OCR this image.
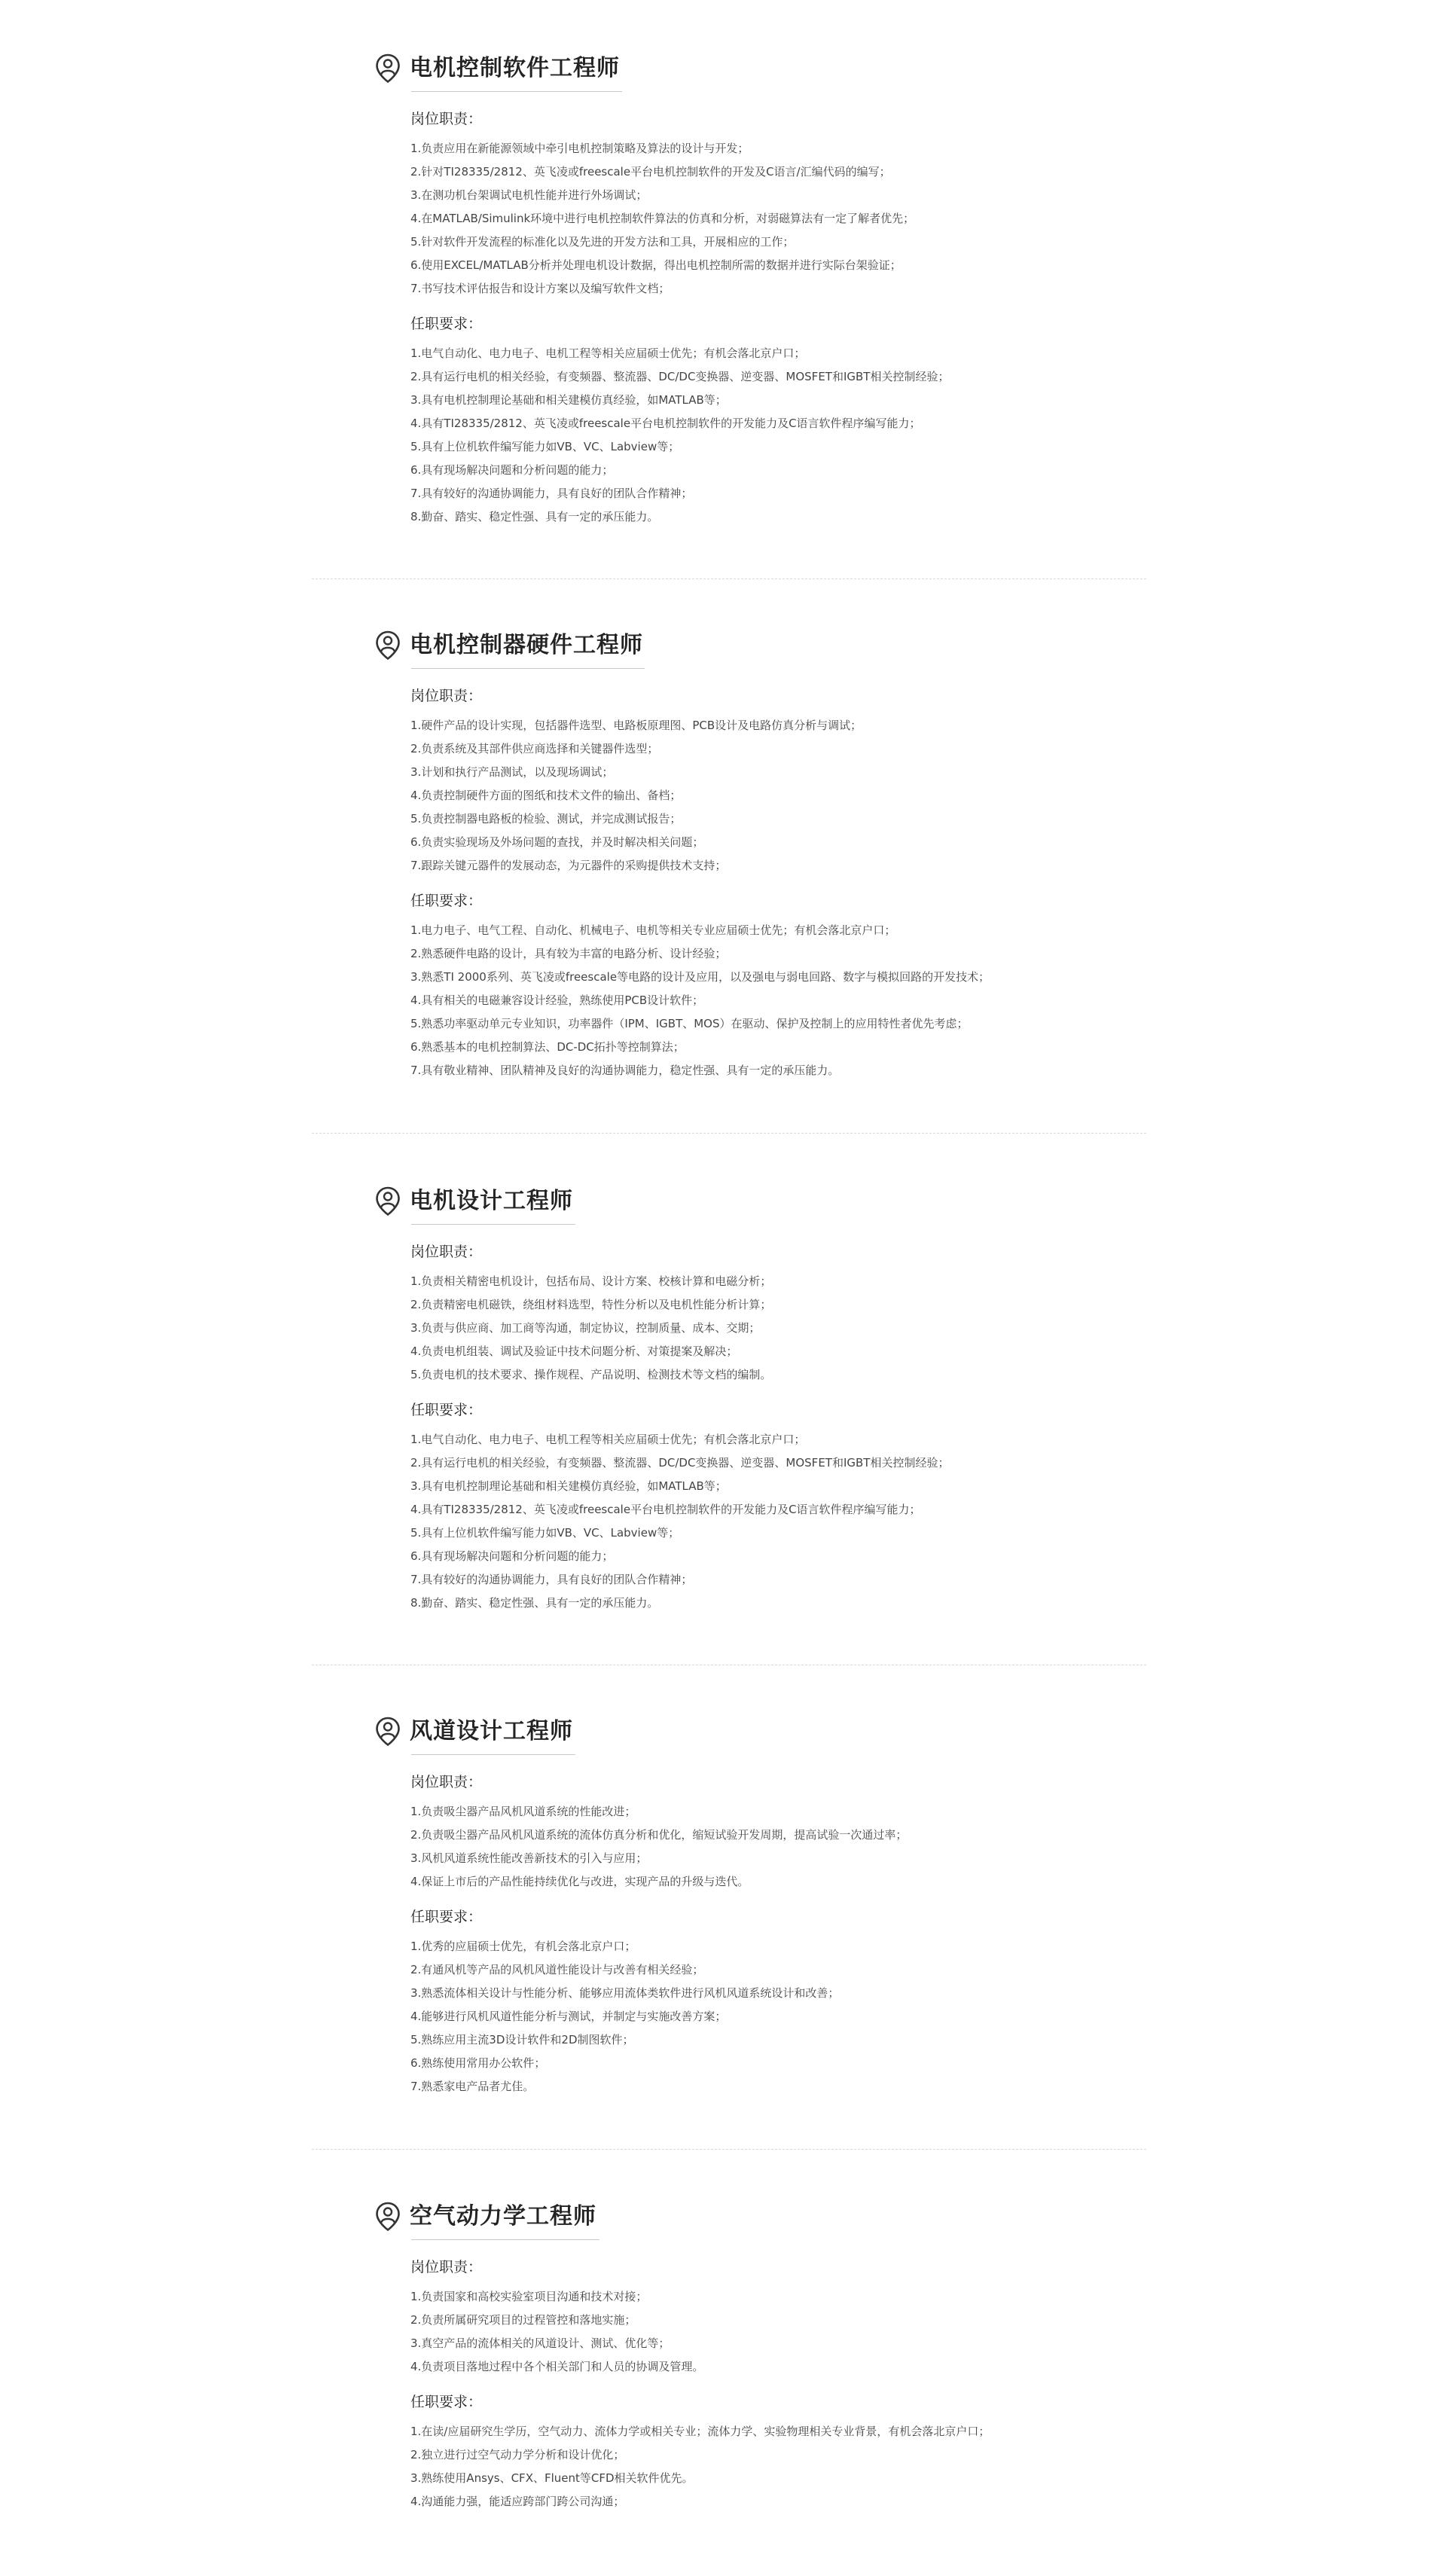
电机控制软件工程师
岗位职责：
1.负责应用在新能源领域中牵引电机控制策略及算法的设计与开发；
2.针对TI28335/2812、英飞凌或freescale平台电机控制软件的开发及C语言/汇编代码的编写；
3.在测功机台架调试电机性能并进行外场调试；
4.在MATLAB/Simulink环境中进行电机控制软件算法的仿真和分析，对弱磁算法有一定了解者优先；
5.针对软件开发流程的标准化以及先进的开发方法和工具，开展相应的工作；
6.使用EXCEL/MATLAB分析并处理电机设计数据，得出电机控制所需的数据并进行实际台架验证；
7.书写技术评估报告和设计方案以及编写软件文档；
任职要求：
1.电气自动化、电力电子、电机工程等相关应届硕士优先；有机会落北京户口；
2.具有运行电机的相关经验，有变频器、整流器、DC/DC变换器、逆变器、MOSFET和IGBT相关控制经验；
3.具有电机控制理论基础和相关建模仿真经验，如MATLAB等；
4.具有TI28335/2812、英飞凌或freescale平台电机控制软件的开发能力及C语言软件程序编写能力；
5.具有上位机软件编写能力如VB、VC、Labview等；
6.具有现场解决问题和分析问题的能力；
7.具有较好的沟通协调能力，具有良好的团队合作精神；
8.勤奋、踏实、稳定性强、具有一定的承压能力。
电机控制器硬件工程师
岗位职责：
1.硬件产品的设计实现，包括器件选型、电路板原理图、PCB设计及电路仿真分析与调试；
2.负责系统及其部件供应商选择和关键器件选型；
3.计划和执行产品测试，以及现场调试；
4.负责控制硬件方面的图纸和技术文件的输出、备档；
5.负责控制器电路板的检验、测试，并完成测试报告；
6.负责实验现场及外场问题的查找，并及时解决相关问题；
7.跟踪关键元器件的发展动态，为元器件的采购提供技术支持；
任职要求：
1.电力电子、电气工程、自动化、机械电子、电机等相关专业应届硕士优先；有机会落北京户口；
2.熟悉硬件电路的设计，具有较为丰富的电路分析、设计经验；
3.熟悉TI 2000系列、英飞凌或freescale等电路的设计及应用，以及强电与弱电回路、数字与模拟回路的开发技术；
4.具有相关的电磁兼容设计经验，熟练使用PCB设计软件；
5.熟悉功率驱动单元专业知识，功率器件（IPM、IGBT、MOS）在驱动、保护及控制上的应用特性者优先考虑；
6.熟悉基本的电机控制算法、DC-DC拓扑等控制算法；
7.具有敬业精神、团队精神及良好的沟通协调能力，稳定性强、具有一定的承压能力。
电机设计工程师
岗位职责：
1.负责相关精密电机设计，包括布局、设计方案、校核计算和电磁分析；
2.负责精密电机磁铁，绕组材料选型，特性分析以及电机性能分析计算；
3.负责与供应商、加工商等沟通，制定协议，控制质量、成本、交期；
4.负责电机组装、调试及验证中技术问题分析、对策提案及解决；
5.负责电机的技术要求、操作规程、产品说明、检测技术等文档的编制。
任职要求：
1.电气自动化、电力电子、电机工程等相关应届硕士优先；有机会落北京户口；
2.具有运行电机的相关经验，有变频器、整流器、DC/DC变换器、逆变器、MOSFET和IGBT相关控制经验；
3.具有电机控制理论基础和相关建模仿真经验，如MATLAB等；
4.具有TI28335/2812、英飞凌或freescale平台电机控制软件的开发能力及C语言软件程序编写能力；
5.具有上位机软件编写能力如VB、VC、Labview等；
6.具有现场解决问题和分析问题的能力；
7.具有较好的沟通协调能力，具有良好的团队合作精神；
8.勤奋、踏实、稳定性强、具有一定的承压能力。
风道设计工程师
岗位职责：
1.负责吸尘器产品风机风道系统的性能改进；
2.负责吸尘器产品风机风道系统的流体仿真分析和优化，缩短试验开发周期，提高试验一次通过率；
3.风机风道系统性能改善新技术的引入与应用；
4.保证上市后的产品性能持续优化与改进，实现产品的升级与迭代。
任职要求：
1.优秀的应届硕士优先，有机会落北京户口；
2.有通风机等产品的风机风道性能设计与改善有相关经验；
3.熟悉流体相关设计与性能分析、能够应用流体类软件进行风机风道系统设计和改善；
4.能够进行风机风道性能分析与测试，并制定与实施改善方案；
5.熟练应用主流3D设计软件和2D制图软件；
6.熟练使用常用办公软件；
7.熟悉家电产品者尤佳。
空气动力学工程师
岗位职责：
1.负责国家和高校实验室项目沟通和技术对接；
2.负责所属研究项目的过程管控和落地实施；
3.真空产品的流体相关的风道设计、测试、优化等；
4.负责项目落地过程中各个相关部门和人员的协调及管理。
任职要求：
1.在读/应届研究生学历，空气动力、流体力学或相关专业；流体力学、实验物理相关专业背景，有机会落北京户口；
2.独立进行过空气动力学分析和设计优化；
3.熟练使用Ansys、CFX、Fluent等CFD相关软件优先。
4.沟通能力强，能适应跨部门跨公司沟通；
